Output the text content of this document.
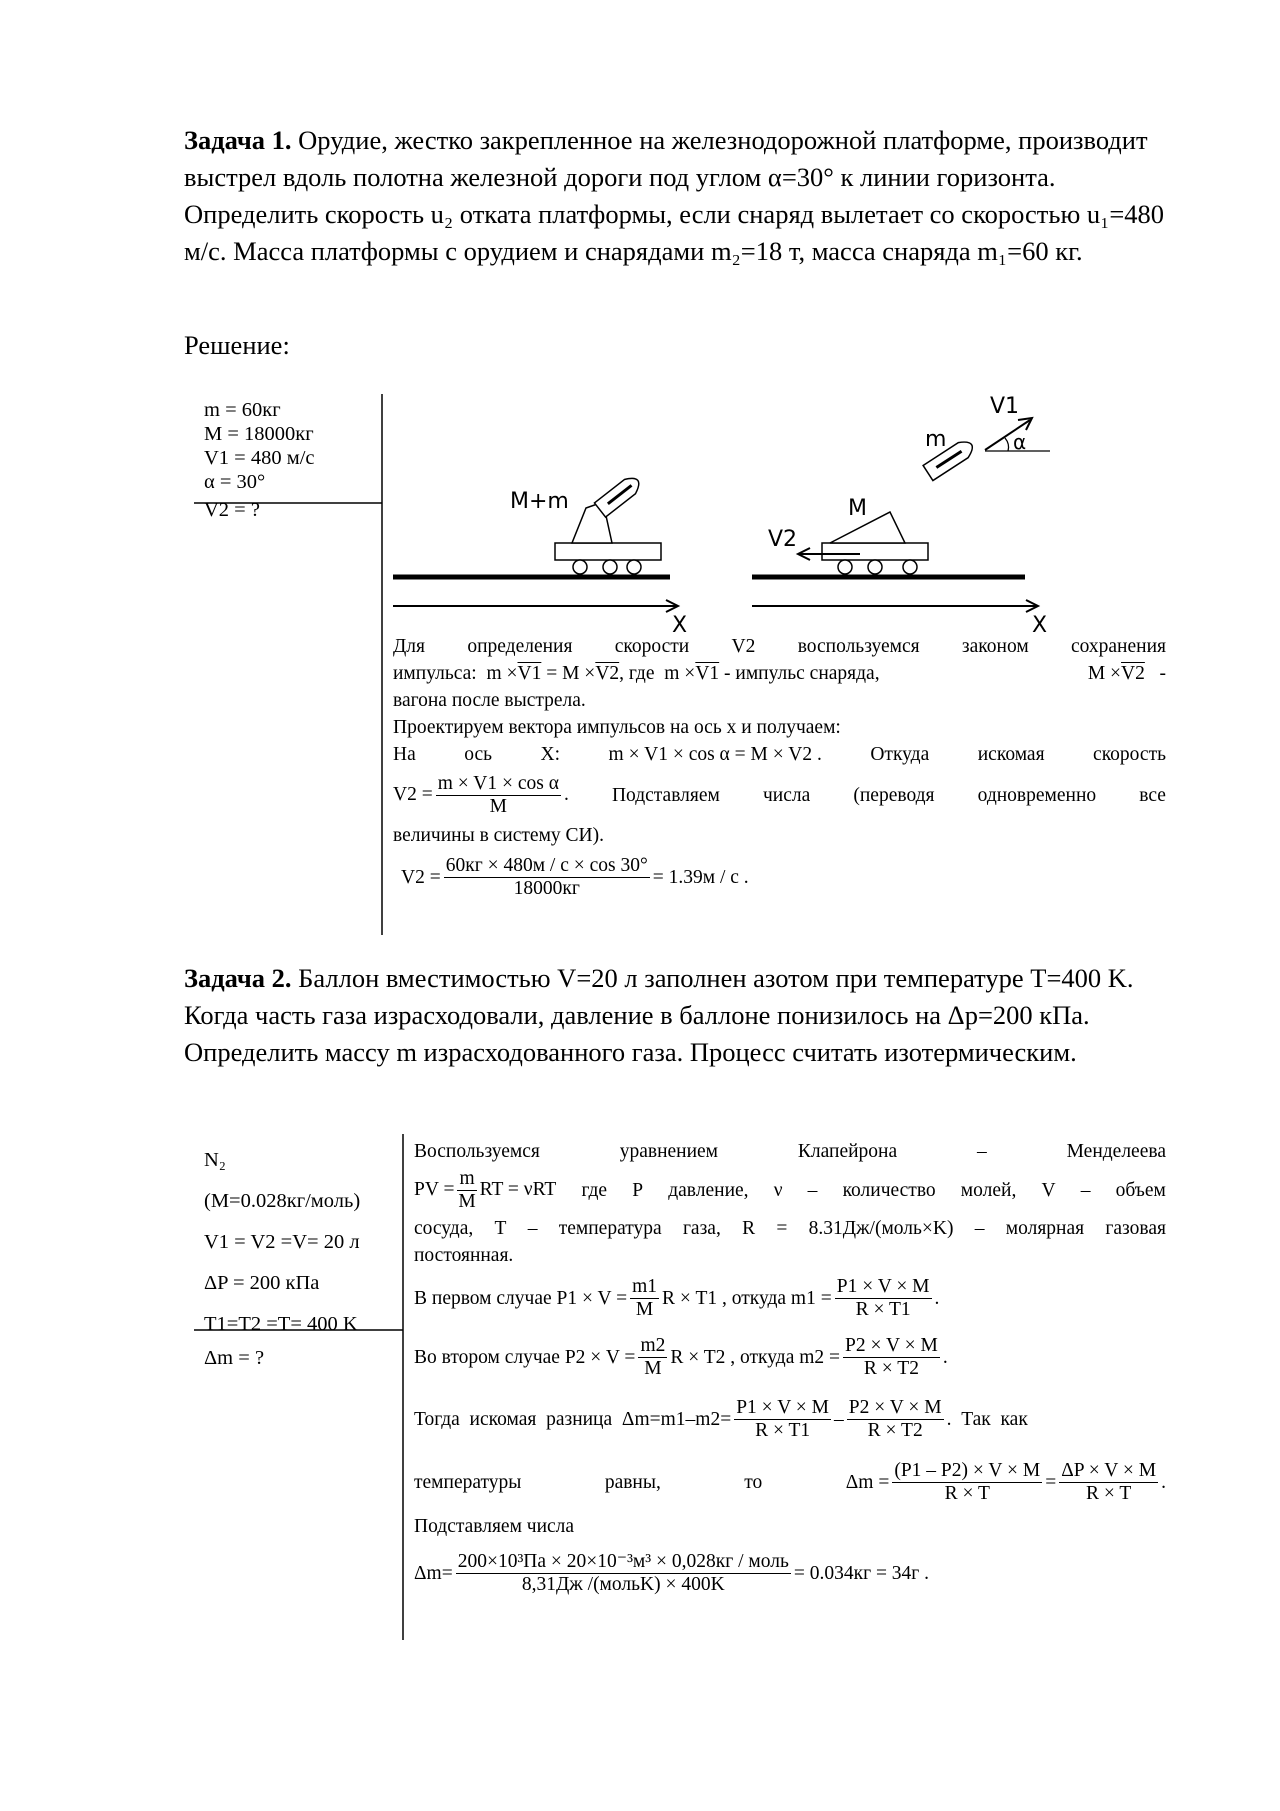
Задача 1. Орудие, жестко закрепленное на железнодорожной платформе, производит выстрел вдоль полотна железной дороги под углом α=30° к линии горизонта. Определить скорость u₂ отката платформы, если снаряд вылетает со скоростью u₁=480 м/с. Масса платформы с орудием и снарядами m₂=18 т, масса снаряда m₁=60 кг.
Решение:
m = 60кг
M = 18000кг
V1 = 480 м/с
α = 30°
V2 = ?
X	X
M+m	M
V2
α
m
V1
Для определения скорости V2 воспользуемся законом сохранения
импульса: m ×V1 = M ×V2, где m ×V1 - импульс снаряда,	M ×V2 -
вагона после выстрела.
Проектируем вектора импульсов на ось x и получаем:
На ось X: m × V1 × cos α = M × V2 . Откуда искомая скорость
$V2 = \frac{\text{m × V1 × cos α}}{M}$ . Подставляем числа (переводя одновременно все
величины в систему СИ).
$V2 = \frac{60кг \times 480м / с \times \cos 30^\circ}{18000кг} = 1.39м / с$ .
Задача 2. Баллон вместимостью V=20 л заполнен азотом при температуре T=400 K. Когда часть газа израсходовали, давление в баллоне понизилось на Δp=200 кПа. Определить массу m израсходованного газа. Процесс считать изотермическим.
N₂
(M=0.028кг/моль)
V1 = V2 =V= 20 л
ΔP = 200 кПа
T1=T2 =T= 400 K
Δm = ?
Воспользуемся	уравнением	Клапейрона	–	Менделеева
PV = $\frac{m}{M}$ RT = νRT где P давление, ν – количество молей, V – объем
сосуда, T – температура газа, R = 8.31Дж/(моль×K) – молярная газовая
постоянная.
В первом случае $P1 \times V = \frac{m1}{M}$ R × T1 , откуда $m1 = \frac{P1 \times V \times M}{R \times T1}$ .
Во втором случае $P2 \times V = \frac{m2}{M}$ R × T2 , откуда $m2 = \frac{P2 \times V \times M}{R \times T2}$ .
Тогда  искомая  разница  $\Delta m=m1-m2= \frac{P1 \times V \times M}{R \times T1} - \frac{P2 \times V \times M}{R \times T2}$ .  Так  как
температуры	равны,	то	$\Delta m = \frac{(P1 - P2) \times V \times M}{R \times T} = \frac{\Delta P \times V \times M}{R \times T}$ .
Подставляем числа
$\Delta m= \frac{\text{200×10³Па × 20×10⁻³м³ × 0,028кг / моль}}{\text{8,31Дж /(мольK) × 400K}} = 0.034кг = 34г$ .
